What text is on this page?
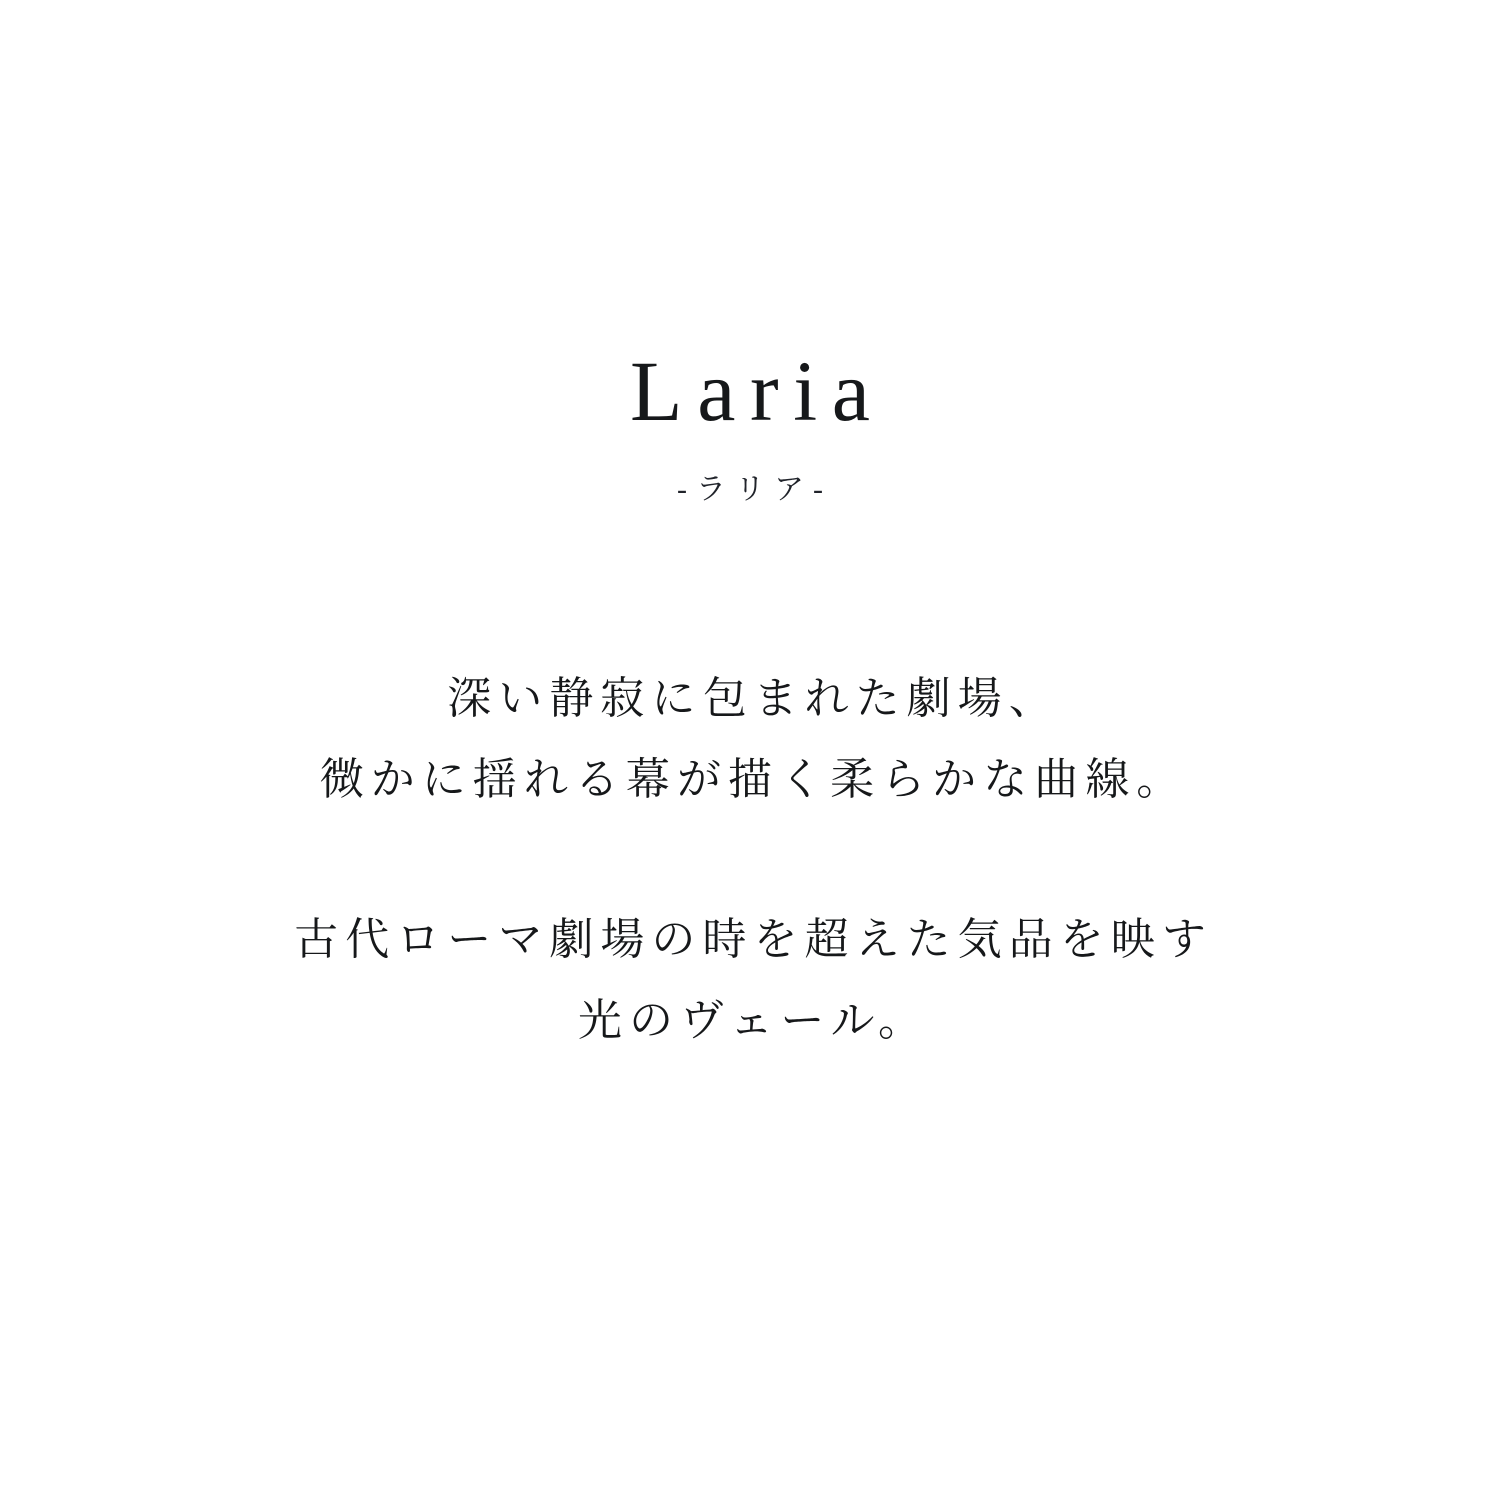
Laria
-ラリア-
深い静寂に包まれた劇場、
微かに揺れる幕が描く柔らかな曲線。
古代ローマ劇場の時を超えた気品を映す
光のヴェール。
